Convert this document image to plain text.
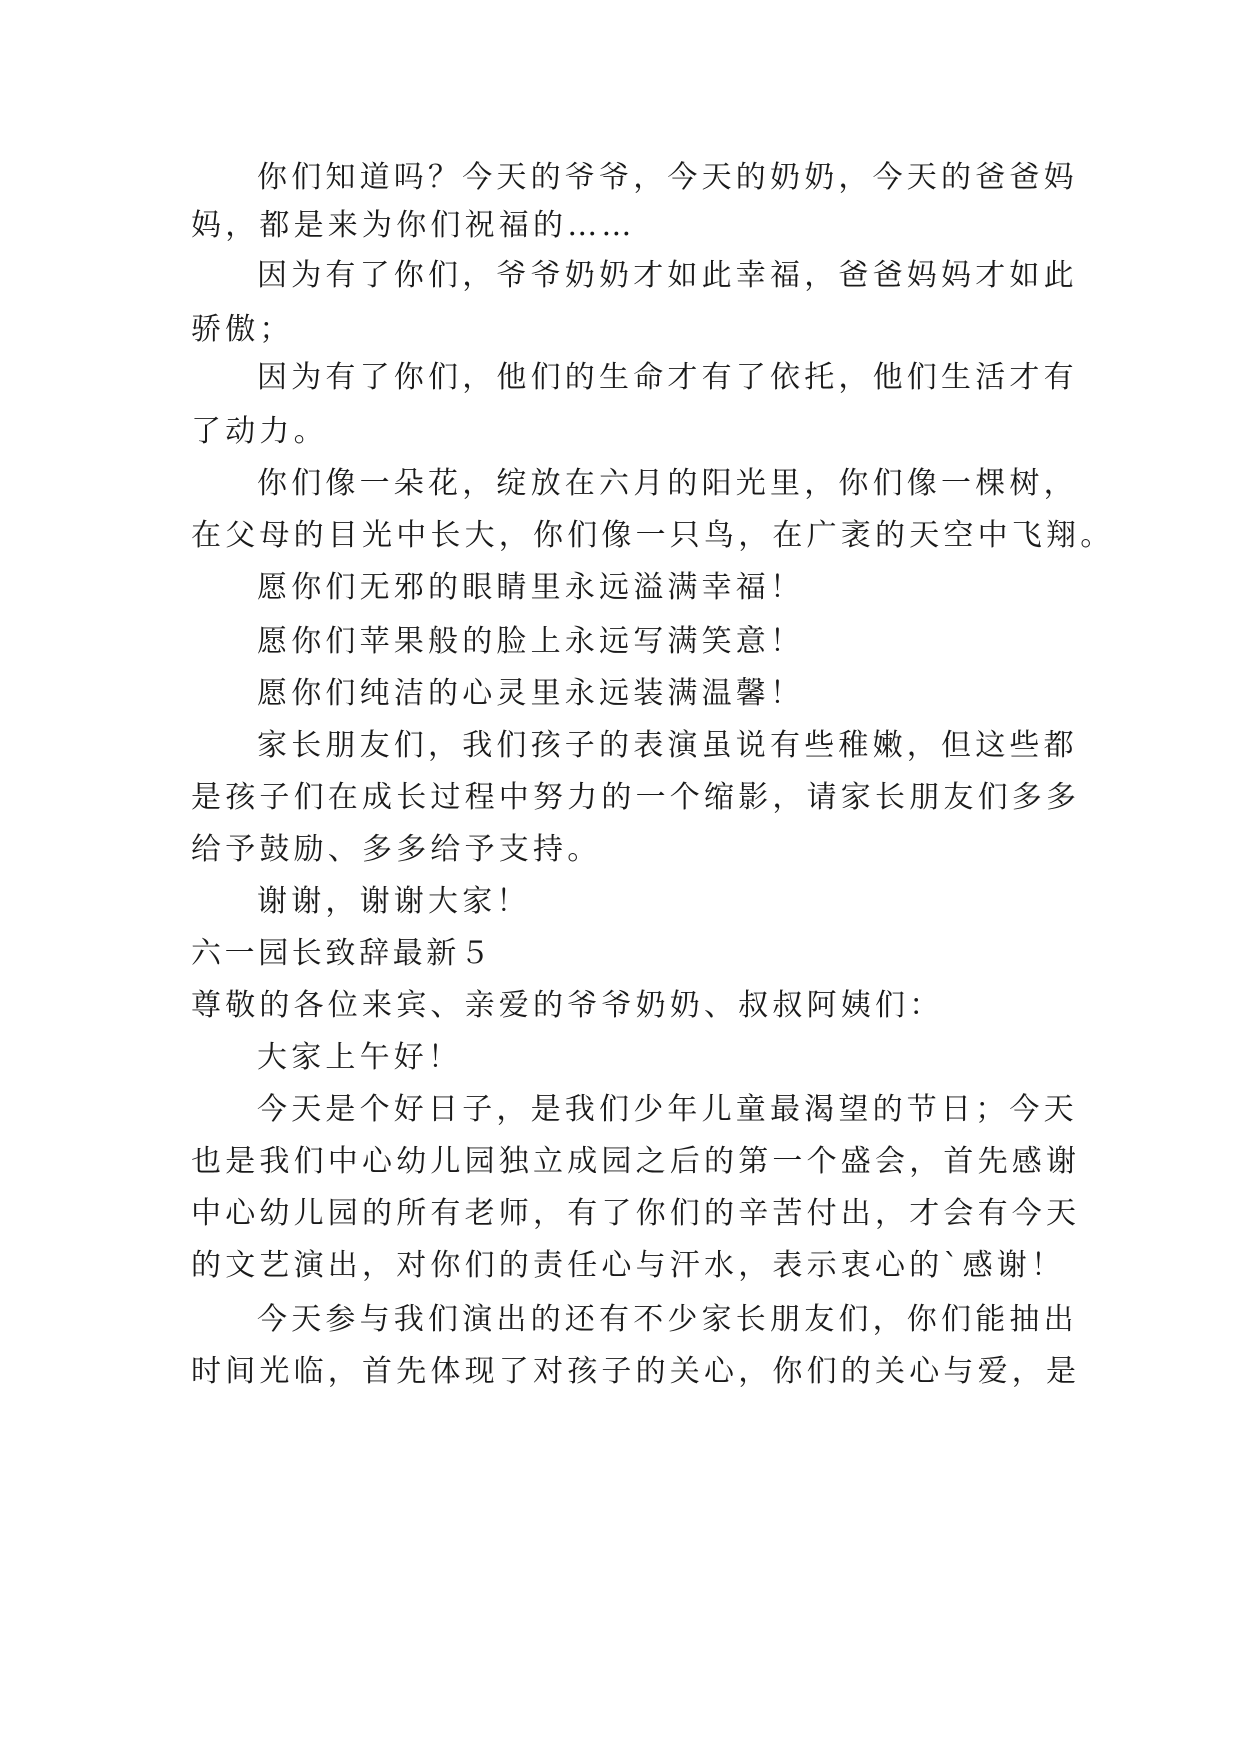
你们知道吗？今天的爷爷，今天的奶奶，今天的爸爸妈
妈，都是来为你们祝福的……
因为有了你们，爷爷奶奶才如此幸福，爸爸妈妈才如此
骄傲；
因为有了你们，他们的生命才有了依托，他们生活才有
了动力。
你们像一朵花，绽放在六月的阳光里，你们像一棵树，
在父母的目光中长大，你们像一只鸟，在广袤的天空中飞翔。
愿你们无邪的眼睛里永远溢满幸福！
愿你们苹果般的脸上永远写满笑意！
愿你们纯洁的心灵里永远装满温馨！
家长朋友们，我们孩子的表演虽说有些稚嫩，但这些都
是孩子们在成长过程中努力的一个缩影，请家长朋友们多多
给予鼓励、多多给予支持。
谢谢，谢谢大家！
六一园长致辞最新５
尊敬的各位来宾、亲爱的爷爷奶奶、叔叔阿姨们：
大家上午好！
今天是个好日子，是我们少年儿童最渴望的节日；今天
也是我们中心幼儿园独立成园之后的第一个盛会，首先感谢
中心幼儿园的所有老师，有了你们的辛苦付出，才会有今天
的文艺演出，对你们的责任心与汗水，表示衷心的`感谢！
今天参与我们演出的还有不少家长朋友们，你们能抽出
时间光临，首先体现了对孩子的关心，你们的关心与爱，是
